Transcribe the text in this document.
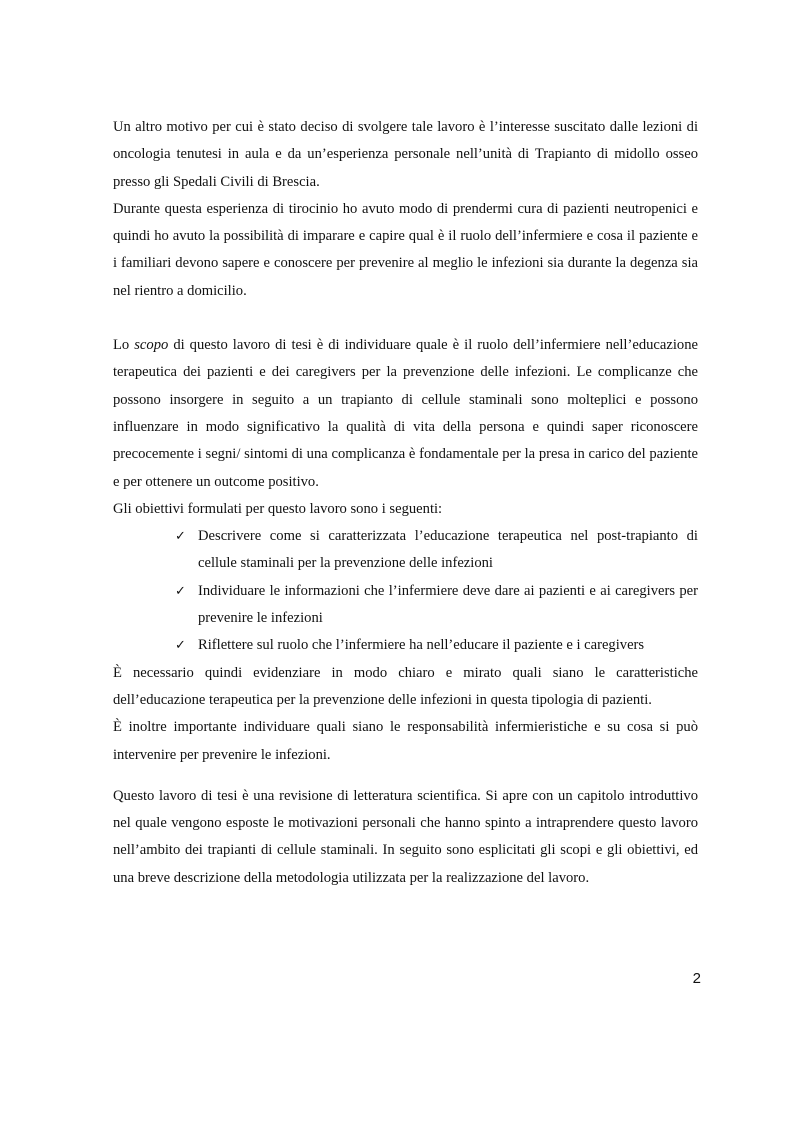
Un altro motivo per cui è stato deciso di svolgere tale lavoro è l’interesse suscitato dalle lezioni di oncologia tenutesi in aula e da un’esperienza personale nell’unità di Trapianto di midollo osseo presso gli Spedali Civili di Brescia.

Durante questa esperienza di tirocinio ho avuto modo di prendermi cura di pazienti neutropenici e quindi ho avuto la possibilità di imparare e capire qual è il ruolo dell’infermiere e cosa il paziente e i familiari devono sapere e conoscere per prevenire al meglio le infezioni sia durante la degenza sia nel rientro a domicilio.

Lo scopo di questo lavoro di tesi è di individuare quale è il ruolo dell’infermiere nell’educazione terapeutica dei pazienti e dei caregivers per la prevenzione delle infezioni. Le complicanze che possono insorgere in seguito a un trapianto di cellule staminali sono molteplici e possono influenzare in modo significativo la qualità di vita della persona e quindi saper riconoscere precocemente i segni/ sintomi di una complicanza è fondamentale per la presa in carico del paziente e per ottenere un outcome positivo.

Gli obiettivi formulati per questo lavoro sono i seguenti:

✓ Descrivere come si caratterizzata l’educazione terapeutica nel post-trapianto di cellule staminali per la prevenzione delle infezioni
✓ Individuare le informazioni che l’infermiere deve dare ai pazienti e ai caregivers per prevenire le infezioni
✓ Riflettere sul ruolo che l’infermiere ha nell’educare il paziente e i caregivers

È necessario quindi evidenziare in modo chiaro e mirato quali siano le caratteristiche dell’educazione terapeutica per la prevenzione delle infezioni in questa tipologia di pazienti.

È inoltre importante individuare quali siano le responsabilità infermieristiche e su cosa si può intervenire per prevenire le infezioni.

Questo lavoro di tesi è una revisione di letteratura scientifica. Si apre con un capitolo introduttivo nel quale vengono esposte le motivazioni personali che hanno spinto a intraprendere questo lavoro nell’ambito dei trapianti di cellule staminali. In seguito sono esplicitati gli scopi e gli obiettivi, ed una breve descrizione della metodologia utilizzata per la realizzazione del lavoro.

2
